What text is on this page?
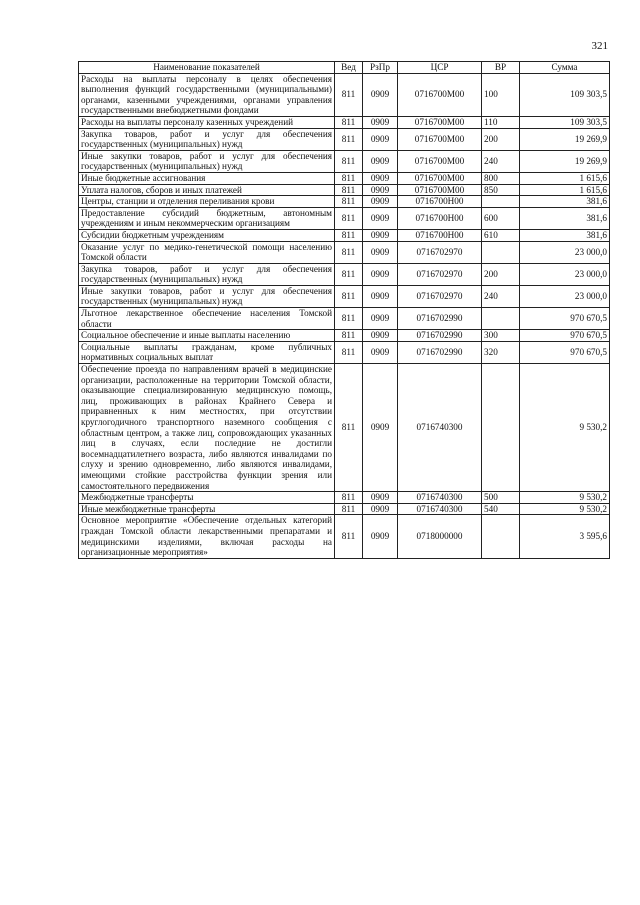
321
Наименование показателей	Вед	РзПр	ЦСР	ВР	Сумма
Расходы на выплаты персоналу в целях обеспечения выполнения функций государственными (муниципальными) органами, казенными учреждениями, органами управления государственными внебюджетными фондами	811	0909	0716700М00	100	109 303,5
Расходы на выплаты персоналу казенных учреждений	811	0909	0716700М00	110	109 303,5
Закупка товаров, работ и услуг для обеспечения государственных (муниципальных) нужд	811	0909	0716700М00	200	19 269,9
Иные закупки товаров, работ и услуг для обеспечения государственных (муниципальных) нужд	811	0909	0716700М00	240	19 269,9
Иные бюджетные ассигнования	811	0909	0716700М00	800	1 615,6
Уплата налогов, сборов и иных платежей	811	0909	0716700М00	850	1 615,6
Центры, станции и отделения переливания крови	811	0909	0716700Н00		381,6
Предоставление субсидий бюджетным, автономным учреждениям и иным некоммерческим организациям	811	0909	0716700Н00	600	381,6
Субсидии бюджетным учреждениям	811	0909	0716700Н00	610	381,6
Оказание услуг по медико-генетической помощи населению Томской области	811	0909	0716702970		23 000,0
Закупка товаров, работ и услуг для обеспечения государственных (муниципальных) нужд	811	0909	0716702970	200	23 000,0
Иные закупки товаров, работ и услуг для обеспечения государственных (муниципальных) нужд	811	0909	0716702970	240	23 000,0
Льготное лекарственное обеспечение населения Томской области	811	0909	0716702990		970 670,5
Социальное обеспечение и иные выплаты населению	811	0909	0716702990	300	970 670,5
Социальные выплаты гражданам, кроме публичных нормативных социальных выплат	811	0909	0716702990	320	970 670,5
Обеспечение проезда по направлениям врачей в медицинские организации, расположенные на территории Томской области, оказывающие специализированную медицинскую помощь, лиц, проживающих в районах Крайнего Севера и приравненных к ним местностях, при отсутствии круглогодичного транспортного наземного сообщения с областным центром, а также лиц, сопровождающих указанных лиц в случаях, если последние не достигли восемнадцатилетнего возраста, либо являются инвалидами по слуху и зрению одновременно, либо являются инвалидами, имеющими стойкие расстройства функции зрения или самостоятельного передвижения	811	0909	0716740300		9 530,2
Межбюджетные трансферты	811	0909	0716740300	500	9 530,2
Иные межбюджетные трансферты	811	0909	0716740300	540	9 530,2
Основное мероприятие «Обеспечение отдельных категорий граждан Томской области лекарственными препаратами и медицинскими изделиями, включая расходы на организационные мероприятия»	811	0909	0718000000		3 595,6
